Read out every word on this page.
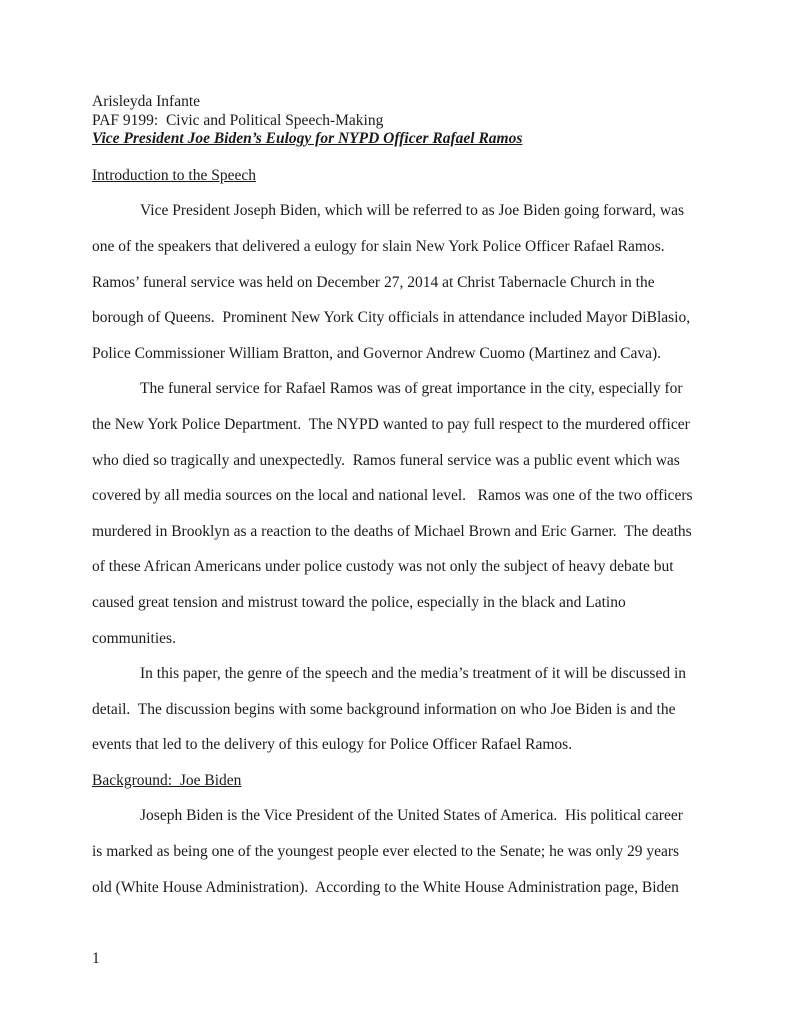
Arisleyda Infante
PAF 9199:  Civic and Political Speech-Making
Vice President Joe Biden’s Eulogy for NYPD Officer Rafael Ramos
Introduction to the Speech
Vice President Joseph Biden, which will be referred to as Joe Biden going forward, was
one of the speakers that delivered a eulogy for slain New York Police Officer Rafael Ramos.
Ramos’ funeral service was held on December 27, 2014 at Christ Tabernacle Church in the
borough of Queens.  Prominent New York City officials in attendance included Mayor DiBlasio,
Police Commissioner William Bratton, and Governor Andrew Cuomo (Martinez and Cava).
The funeral service for Rafael Ramos was of great importance in the city, especially for
the New York Police Department.  The NYPD wanted to pay full respect to the murdered officer
who died so tragically and unexpectedly.  Ramos funeral service was a public event which was
covered by all media sources on the local and national level.   Ramos was one of the two officers
murdered in Brooklyn as a reaction to the deaths of Michael Brown and Eric Garner.  The deaths
of these African Americans under police custody was not only the subject of heavy debate but
caused great tension and mistrust toward the police, especially in the black and Latino
communities.
In this paper, the genre of the speech and the media’s treatment of it will be discussed in
detail.  The discussion begins with some background information on who Joe Biden is and the
events that led to the delivery of this eulogy for Police Officer Rafael Ramos.
Background:  Joe Biden
Joseph Biden is the Vice President of the United States of America.  His political career
is marked as being one of the youngest people ever elected to the Senate; he was only 29 years
old (White House Administration).  According to the White House Administration page, Biden
1
